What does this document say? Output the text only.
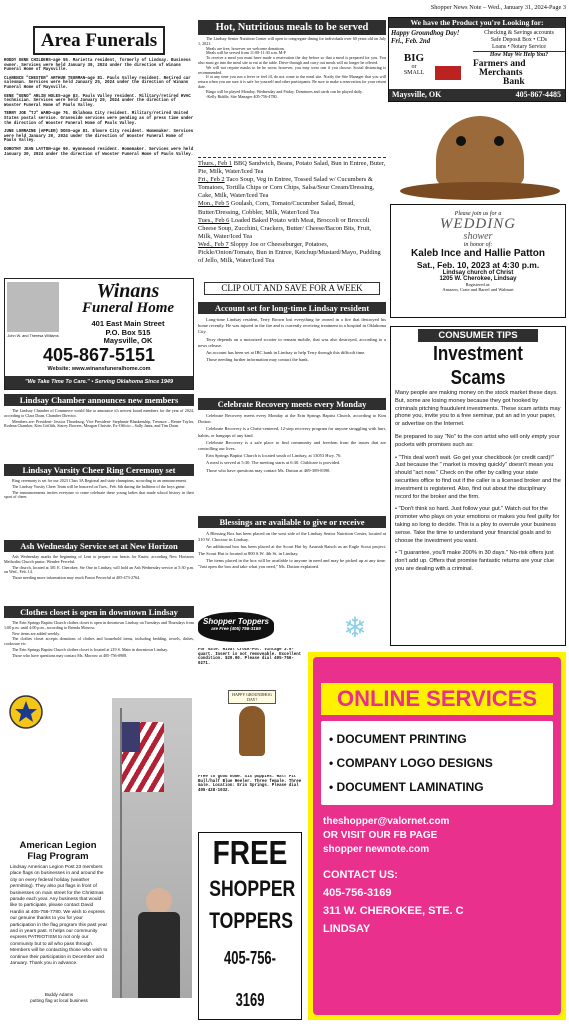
Area Funerals

RODDY GENE CHILDERS—age 55. Marietta resident, formerly of Lindsay. Business owner. Services were held January 30, 2024 under the direction of Winans Funeral Home of Maysville.

CLARENCE "CHESTER" ARTHUR TEURMAN—age 81. Pauls Valley resident. Retired car salesman. Services were held January 25, 2024 under the direction of Winans Funeral Home of Maysville.

GENE "GENO" ARLIN HOLES—age 83. Pauls Valley resident. Military/retired HVAC technician. Services were held January 29, 2024 under the direction of Wooster Funeral Home of Pauls Valley.

TERRY JOE "TJ" WARD—age 76. Oklahoma City resident. Military/retired United States postal service. Graveside services were pending as of press time under the direction of Wooster Funeral Home of Pauls Valley.

JUNE LORRAINE (APPLER) DOSS—age 81. Elmore City resident. Homemaker. Services were held January 20, 2024 under the direction of Wooster Funeral Home of Pauls Valley.

DOROTHY JEAN LAYTON—age 90. Wynnewood resident. Homemaker. Services were held January 30, 2024 under the direction of Wooster Funeral Home of Pauls Valley.

John W. and Theresa Williams
Winans
Funeral Home
401 East Main Street
P.O. Box 515
Maysville, OK
405-867-5151
Website: www.winansfuneralhome.com
"We Take Time To Care." • Serving Oklahoma Since 1949
Lindsay Chamber announces new members

The Lindsay Chamber of Commerce would like to announce it's newest board members for the year of 2024, according to Clara Doan, Chamber Director.

Members are: President- Jessica Thornburg, Vice President- Stephanie Blankenship, Treasure – Renee Taylor, Rodena Chamber, Kim Griffith, Stacey Bowers, Meagan Christie, Ex-Officio – Sally Jantz, and Tim Doan.

Lindsay Varsity Cheer Ring Ceremony set

Ring ceremony is set for our 2023 Class 3A Regional and state champions, according to an announcement.

The Lindsay Varsity Cheer Team will be honored on Tues., Feb. 6th during the halftime of the boys game.

The announcements invites everyone to come celebrate these young ladies that made school history in their sport of cheer.

Ash Wednesday Service set at New Horizon

Ash Wednesday marks the beginning of Lent to prepare our hearts for Easter, according New Horizons Methodist Church pastor, Wendee Perceful.

The church, located at 301 E. Cherokee, Ste One in Lindsay, will hold an Ash Wednesday service at 5:30 p.m. on Wed., Feb. 14.

Those needing more information may reach Pastor Percerful at 405-473-2764.

Clothes closet is open in downtown Lindsay

The Erin Springs Baptist Church clothes closet is open in downtown Lindsay on Tuesdays and Thursdays from 1:00 p.m. until 4:00 p.m., according to Brenda Morrow.

New items are added weekly.

The clothes closet accepts donations of clothes and household items, including bedding, towels, dishes, cookware etc.

The Erin Springs Baptist Church clothes closet is located at 219 S. Main in downtown Lindsay.

Those who have questions may contact Ms. Morrow at 405-756-0908.

American Legion
Flag Program
Lindsay American Legion Post 23 members place flags on businesses in and around the city on every federal holiday (weather permitting). They also put flags in front of businesses on main street for the Christmas parade each year. Any business that would like to participate, please contact David Hardin at 405-756-7780. We wish to express our genuine thanks to you for your participation in the flag program this past year and in years past. It helps our community express PATRIOTISM to not only our community but to all who pass through. Members will be contacting those who wish to continue their participation in December and January. Thank you in advance.
Buddy Adams
putting flag at local business
Hot, Nutritious meals to be served

The Lindsay Senior Nutrition Center will open to congregate dining for individuals over 60 years old on July 1, 2021.

Meals are free, however we welcome donations.

Meals will be served from 11:00-11:30 a.m. M-F

To receive a meal you must have made a reservation the day before so that a meal is prepared for you. You also must go into the meal site to eat at the table. Drive-through and carry out meals will no longer be offered.

We will not require masks to be be worn; however, you may wear one if you choose. Social distancing is recommended.

If at any time you run a fever or feel ill, do not come to the meal site. Notify the Site Manager that you will return when you are sure it is safe for yourself and other participants. Be sure to make a reservation for your return date.

Bingo will be played Monday, Wednesday and Friday. Dominoes and cards can be played daily.

-Kelly Riddle, Site Manager 405-756-4780.

Thurs., Feb 1 BBQ Sandwich, Beans, Potato Salad, Bun in Entree, Buter, Pie, Milk, Water/Iced Tea
Fri., Feb 2 Taco Soup, Veg in Entree, Tossed Salad w/ Cucumbers & Tomatoes, Tortilla Chips or Corn Chips, Salsa/Sour Cream/Dressing, Cake, Milk, Water/Iced Tea
Mon., Feb 5 Goulash, Corn, Tomato/Cucumber Salad, Bread, Butter/Dressing, Cobbler, Milk, Water/Iced Tea
Tues., Feb 6 Loaded Baked Potato with Meat, Broccoli or Broccoli Cheese Soup, Zucchini, Crackers, Butter/ Cheese/Bacon Bits, Fruit, Milk, Water/Iced Tea
Wed., Feb 7 Sloppy Joe or Cheeseburger, Potatoes, Pickle/Onion/Tomato, Bun in Entree, Ketchup/Mustard/Mayo, Pudding of Jello, Milk, Water/Iced Tea
CLIP OUT AND SAVE FOR A WEEK
Account set for long-time Lindsay resident

Long-time Lindsay resident, Terry Brown lost everything he owned in a fire that destroyed his home recently. He was injured in the fire and is currently receiving treatment in a hospital in Oklahoma City.

Terry depends on a motorized scooter to remain mobile, that was also destroyed, according to a news release.

An account has been set at IBC bank in Lindsay to help Terry through this difficult time.

Those needing further information may contact the bank.

Celebrate Recovery meets every Monday

Celebrate Recovery meets every Monday at the Erin Springs Baptist Church, according to Kim Dutton.

Celebrate Recovery is a Christ-centered, 12-step recovery program for anyone struggling with hurt, habits, or hangups of any kind.

Celebrate Recovery is a safe place to find community and freedom from the issues that are controlling our lives.

Erin Springs Baptist Church is located south of Lindsay, at 13053 Hwy. 76.

A meal is served at 5:30. The meeting starts at 6:30. Childcare is provided.

Those who have questions may contact Ms. Dutton at 469-389-8390.

Blessings are available to give or receive

A Blessing Box has been placed on the west side of the Lindsay Senior Nutrition Center, located at 310 W. Choctaw in Lindsay.

An additional box has been placed at the Scout Hut by Azariah Raisch as an Eagle Scout project. The Scout Hut is located at 800 S.W. 4th St. in Lindsay.

The items placed in the box will be available to anyone in need and may be picked up at any time. "Just open the box and take what you need," Ms. Dutton explained.

Shopper Toppers
are Free (405) 756-3169	❄
For sale. Rival Crock-Pot. Vintage 3.5-quart. Insert is not removeable. Excellent condition. $20.00. Please dial 405-756-0271.
HAPPY GROUNDHOG DAY!
Free to good home. Six puppies. Half Pit Bull/half Blue Heeler. Three female. Three male. Location: Erin Springs. Please dial 405-428-1032.
FREE
SHOPPER
TOPPERS
405-756-3169
Shopper News Note – Wed., January 31, 2024-Page 3
We have the Product you're Looking for:
Happy Groundhog Day! Fri., Feb. 2nd
Checking & Savings accounts
Safe Deposit Box • CDs
Loans • Notary Service
How May We Help You?
BIG
or
SMALL
Farmers and
Merchants
Bank
Maysville, OK	405-867-4485
Please join us for a
WEDDING
shower
in honor of:
Kaleb Ince and Hallie Patton
Sat., Feb. 10, 2023 at 4:30 p.m.
Lindsay church of Christ
1205 W. Cherokee, Lindsay
Registered at:
Amazon, Crate and Barrel and Walmart
CONSUMER TIPS
Investment Scams

Many people are making money on the stock market these days. But, some are losing money because they got hooked by criminals pitching fraudulent investments. These scam artists may phone you, invite you to a free seminar, put an ad in your paper, or advertise on the Internet.

Be prepared to say "No" to the con artist who will only empty your pockets with promises such as:

• "This deal won't wait. Go get your checkbook (or credit card)!" Just because the " market is moving quickly" doesn't mean you should "act now." Check on the offer by calling your state securities office to find out if the caller is a licensed broker and the investment is registered. Also, find out about the disciplinary record for the broker and the firm.

• "Don't think so hard. Just follow your gut." Watch out for the promoter who plays on your emotions or makes you feel guilty for taking so long to decide. This is a ploy to overrule your business sense. Take the time to understand your financial goals and to choose the investment you want.

• "I guarantee, you'll make 200% in 30 days." No-risk offers just don't add up. Offers that promise fantastic returns are your clue you are dealing with a criminal.

ONLINE SERVICES
• DOCUMENT PRINTING
• COMPANY LOGO DESIGNS
• DOCUMENT LAMINATING
theshopper@valornet.com
OR VISIT OUR FB PAGE
shopper newnote.com
CONTACT US:
405-756-3169
311 W. CHEROKEE, STE. C
LINDSAY
